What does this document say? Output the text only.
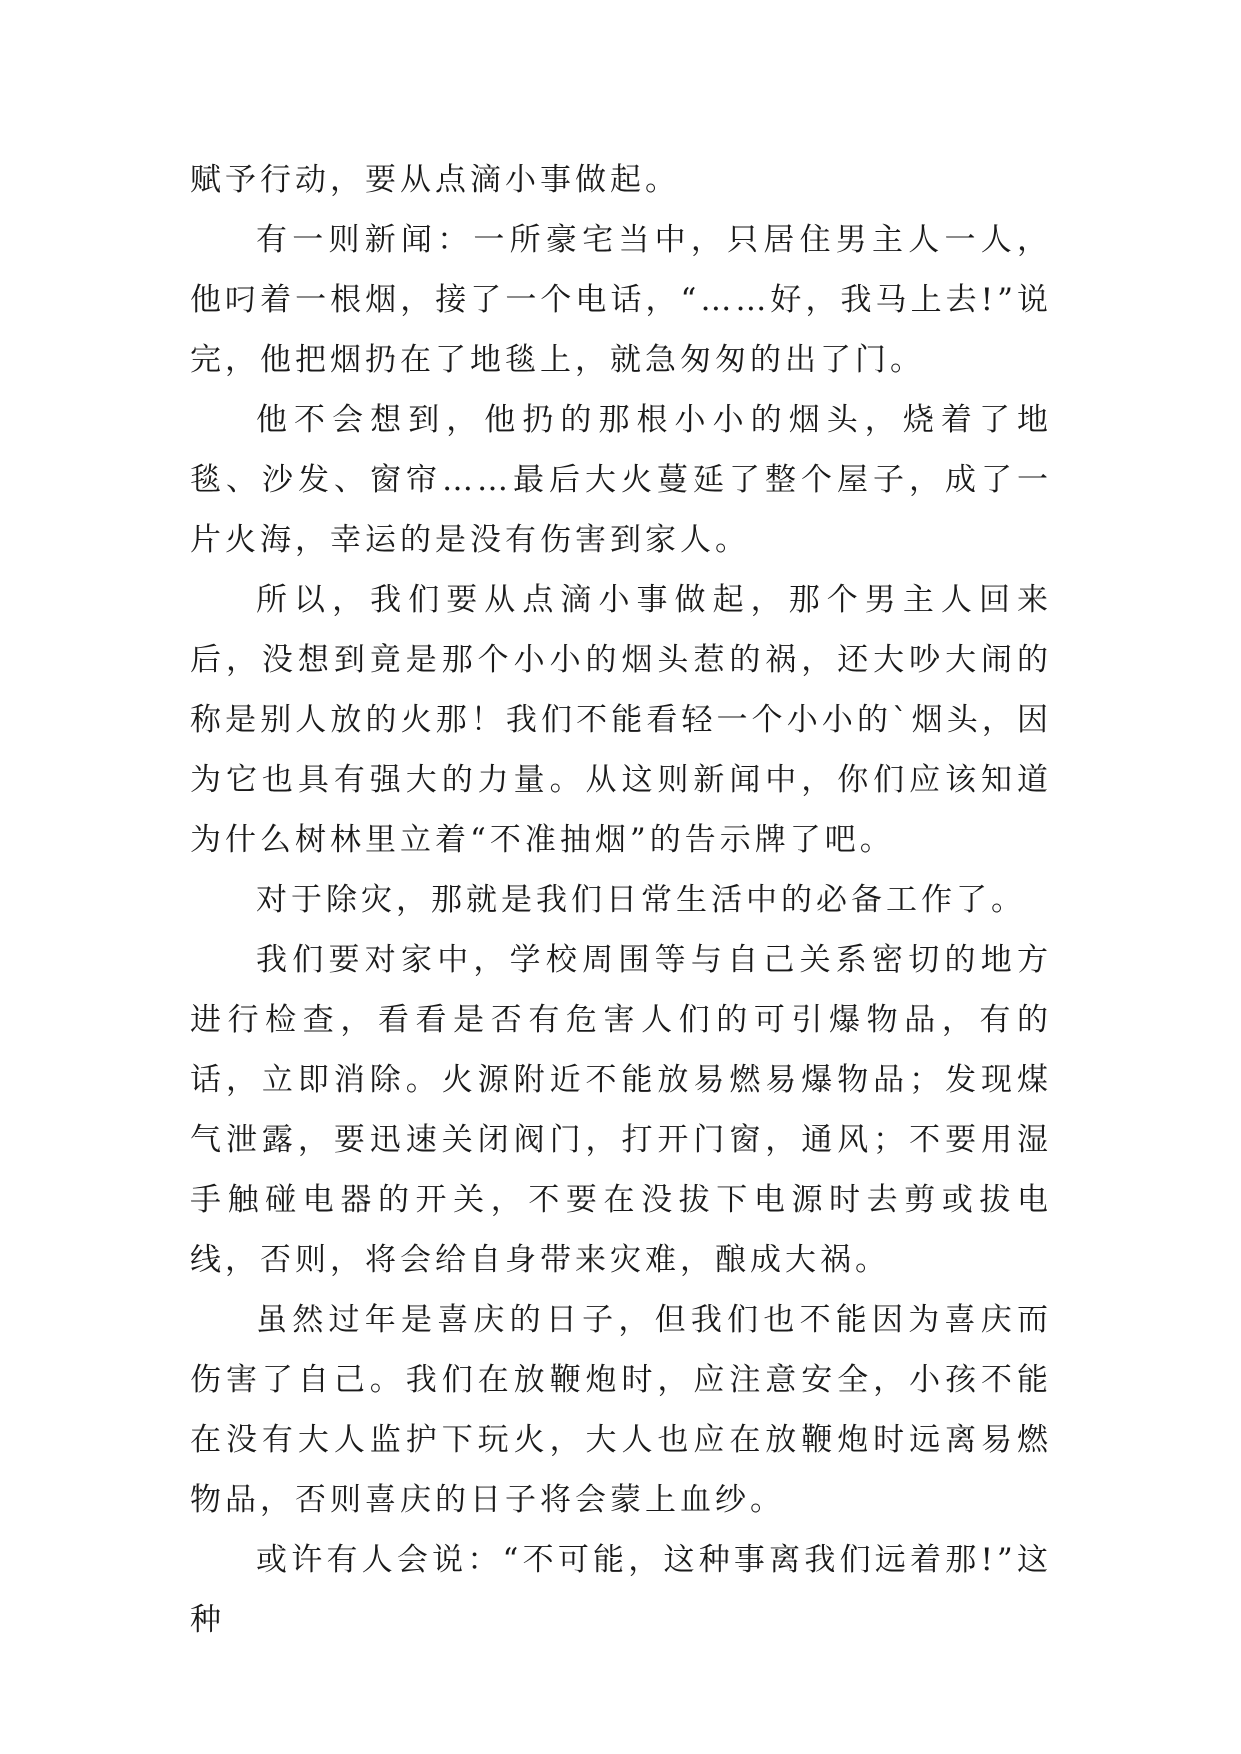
赋予行动，要从点滴小事做起。

有一则新闻：一所豪宅当中，只居住男主人一人，他叼着一根烟，接了一个电话，“……好，我马上去!”说完，他把烟扔在了地毯上，就急匆匆的出了门。

他不会想到，他扔的那根小小的烟头，烧着了地毯、沙发、窗帘……最后大火蔓延了整个屋子，成了一片火海，幸运的是没有伤害到家人。

所以，我们要从点滴小事做起，那个男主人回来后，没想到竟是那个小小的烟头惹的祸，还大吵大闹的称是别人放的火那！我们不能看轻一个小小的`烟头，因为它也具有强大的力量。从这则新闻中，你们应该知道为什么树林里立着“不准抽烟”的告示牌了吧。

对于除灾，那就是我们日常生活中的必备工作了。

我们要对家中，学校周围等与自己关系密切的地方进行检查，看看是否有危害人们的可引爆物品，有的话，立即消除。火源附近不能放易燃易爆物品；发现煤气泄露，要迅速关闭阀门，打开门窗，通风；不要用湿手触碰电器的开关，不要在没拔下电源时去剪或拔电线，否则，将会给自身带来灾难，酿成大祸。

虽然过年是喜庆的日子，但我们也不能因为喜庆而伤害了自己。我们在放鞭炮时，应注意安全，小孩不能在没有大人监护下玩火，大人也应在放鞭炮时远离易燃物品，否则喜庆的日子将会蒙上血纱。

或许有人会说：“不可能，这种事离我们远着那!”这种
